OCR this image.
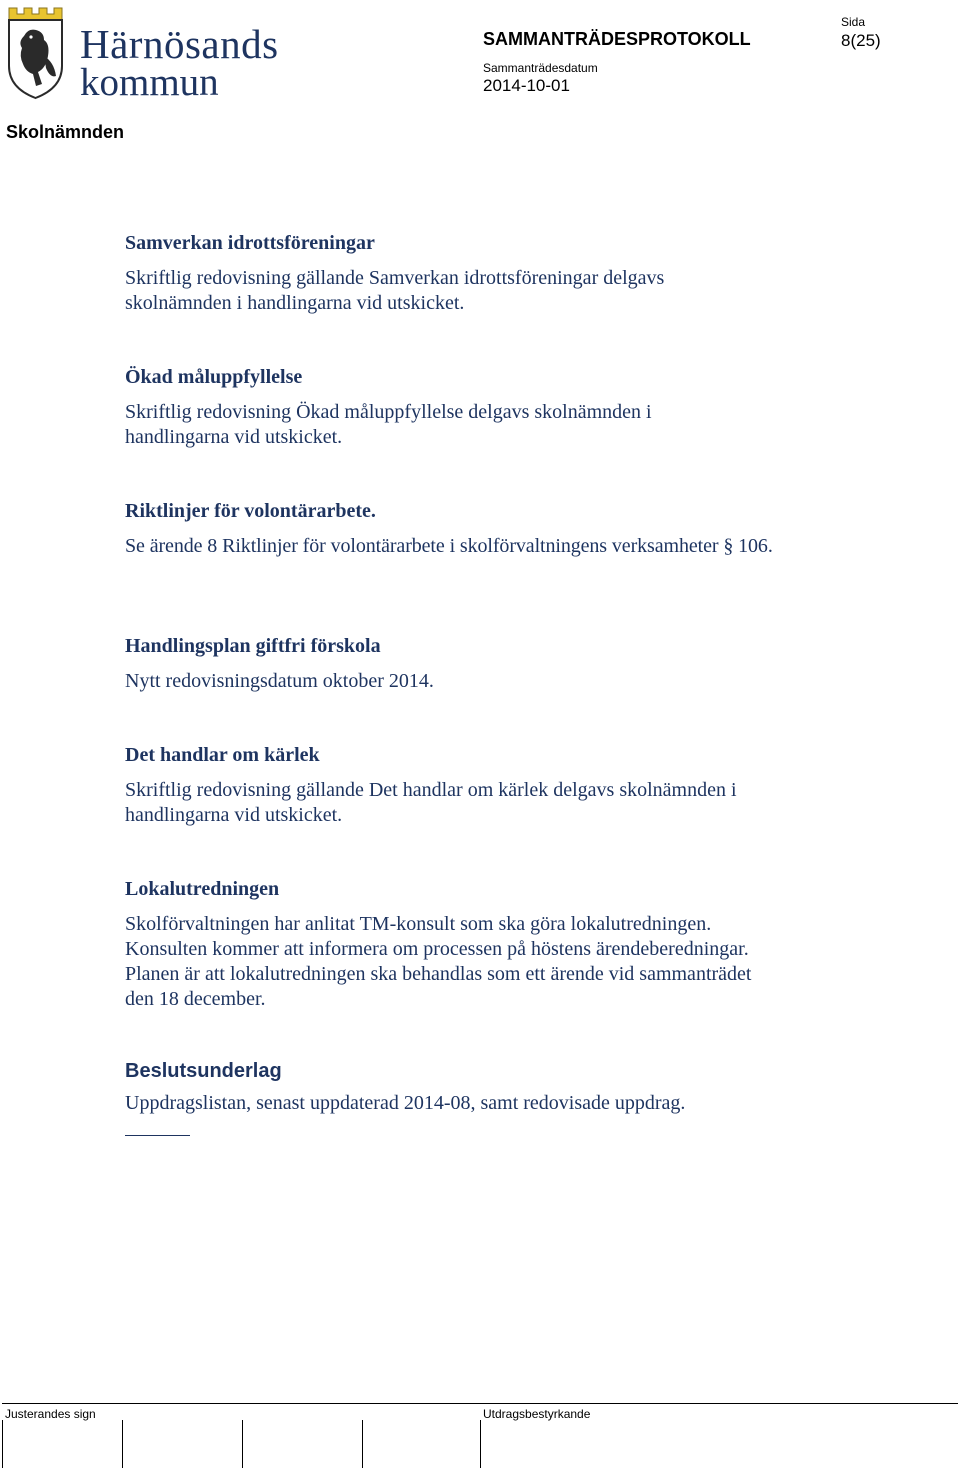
Härnösands
kommun
SAMMANTRÄDESPROTOKOLL
Sida
8(25)
Sammanträdesdatum
2014-10-01
Skolnämnden

Samverkan idrottsföreningar

Skriftlig redovisning gällande Samverkan idrottsföreningar delgavs skolnämnden i handlingarna vid utskicket.

Ökad måluppfyllelse

Skriftlig redovisning Ökad måluppfyllelse delgavs skolnämnden i handlingarna vid utskicket.

Riktlinjer för volontärarbete.

Se ärende 8 Riktlinjer för volontärarbete i skolförvaltningens verksamheter § 106.

Handlingsplan giftfri förskola

Nytt redovisningsdatum oktober 2014.

Det handlar om kärlek

Skriftlig redovisning gällande Det handlar om kärlek delgavs skolnämnden i handlingarna vid utskicket.

Lokalutredningen

Skolförvaltningen har anlitat TM-konsult som ska göra lokalutredningen. Konsulten kommer att informera om processen på höstens ärendeberedningar. Planen är att lokalutredningen ska behandlas som ett ärende vid sammanträdet den 18 december.

Beslutsunderlag
Uppdragslistan, senast uppdaterad 2014-08, samt redovisade uppdrag.
Justerandes sign	Utdragsbestyrkande
